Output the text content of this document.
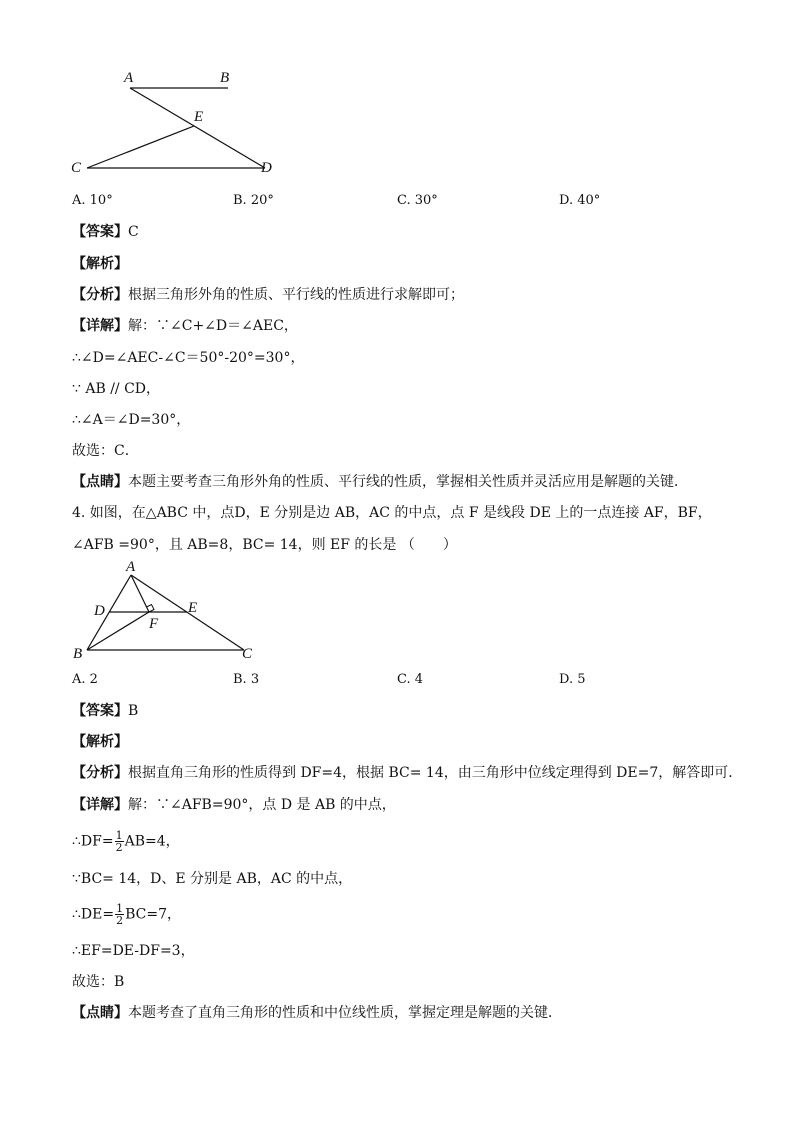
A	B
E
C	D
A. 10°	B. 20°	C. 30°	D. 40°
【答案】C
【解析】
【分析】根据三角形外角的性质、平行线的性质进行求解即可；
【详解】解：∵∠C+∠D＝∠AEC，
∴∠D=∠AEC-∠C＝50°-20°=30°，
∵ AB // CD，
∴∠A＝∠D=30°，
故选：C．
【点睛】本题主要考查三角形外角的性质、平行线的性质，掌握相关性质并灵活应用是解题的关键．
4. 如图，在△ABC 中，点D，E 分别是边 AB，AC 的中点，点 F 是线段 DE 上的一点连接 AF，BF，
∠AFB =90°，且 AB=8，BC= 14，则 EF 的长是 （　　）
A
D	E
F
B	C
A. 2	B. 3	C. 4	D. 5
【答案】B
【解析】
【分析】根据直角三角形的性质得到 DF=4，根据 BC= 14，由三角形中位线定理得到 DE=7，解答即可．
【详解】解：∵∠AFB=90°，点 D 是 AB 的中点，
∴DF= $\frac{1}{2} AB=4$，
∵BC= 14，D、E 分别是 AB，AC 的中点，
∴DE= $\frac{1}{2} BC=7$，
∴EF=DE-DF=3，
故选：B
【点睛】本题考查了直角三角形的性质和中位线性质，掌握定理是解题的关键．
